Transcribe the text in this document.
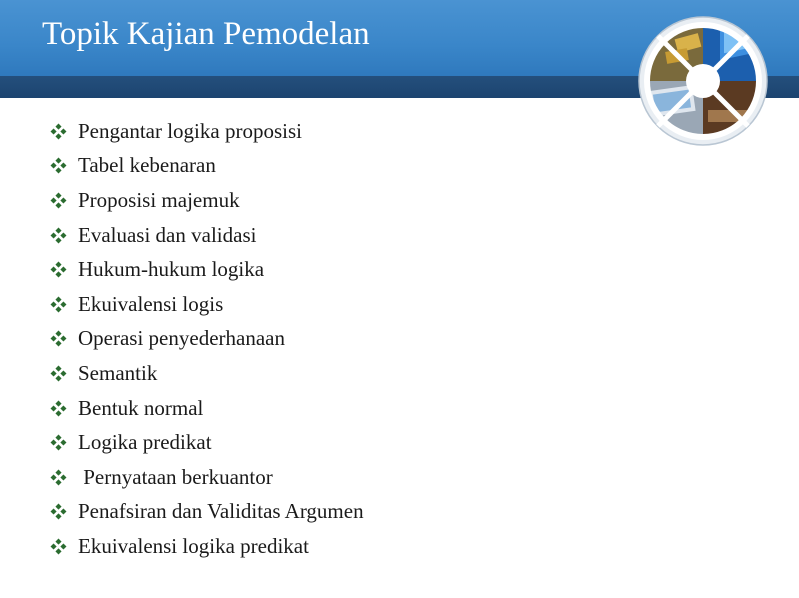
Topik Kajian Pemodelan
Pengantar logika proposisi
Tabel kebenaran
Proposisi majemuk
Evaluasi dan validasi
Hukum-hukum logika
Ekuivalensi logis
Operasi penyederhanaan
Semantik
Bentuk normal
Logika predikat
Pernyataan berkuantor
Penafsiran dan Validitas Argumen
Ekuivalensi logika predikat
